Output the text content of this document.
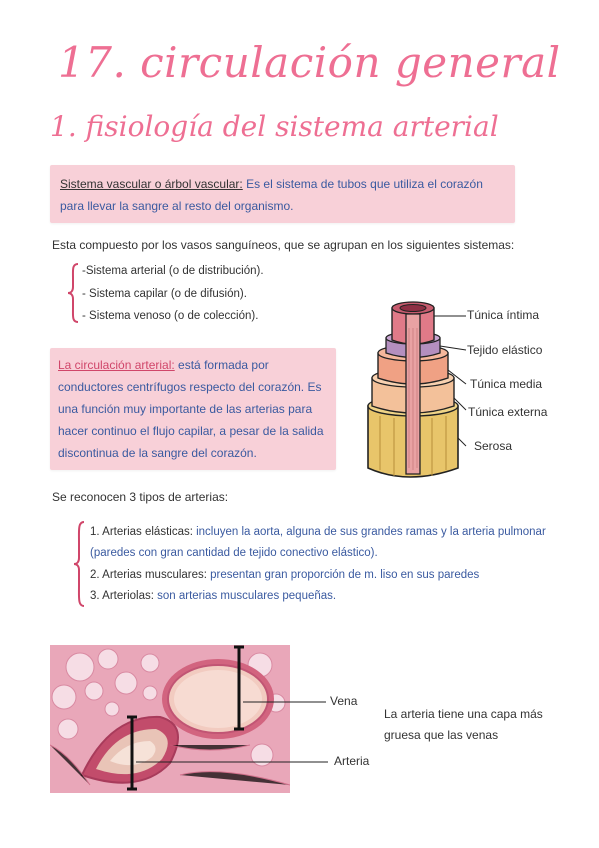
17. circulación general
1. fisiología del sistema arterial
Sistema vascular o árbol vascular: Es el sistema de tubos que utiliza el corazón para llevar la sangre al resto del organismo.
Esta compuesto por los vasos sanguíneos, que se agrupan en los siguientes sistemas:
-Sistema arterial (o de distribución).
- Sistema capilar (o de difusión).
- Sistema venoso (o de colección).
La circulación arterial: está formada por conductores centrífugos respecto del corazón. Es una función muy importante de las arterias para hacer continuo el flujo capilar, a pesar de la salida discontinua de la sangre del corazón.
Túnica íntima
Tejido elástico
Túnica media
Túnica externa
Serosa
Se reconocen 3 tipos de arterias:
1. Arterias elásticas: incluyen la aorta, alguna de sus grandes ramas y la arteria pulmonar
(paredes con gran cantidad de tejido conectivo elástico).
2. Arterias musculares: presentan gran proporción de m. liso en sus paredes
3. Arteriolas: son arterias musculares pequeñas.
Vena
Arteria
La arteria tiene una capa más
gruesa que las venas
